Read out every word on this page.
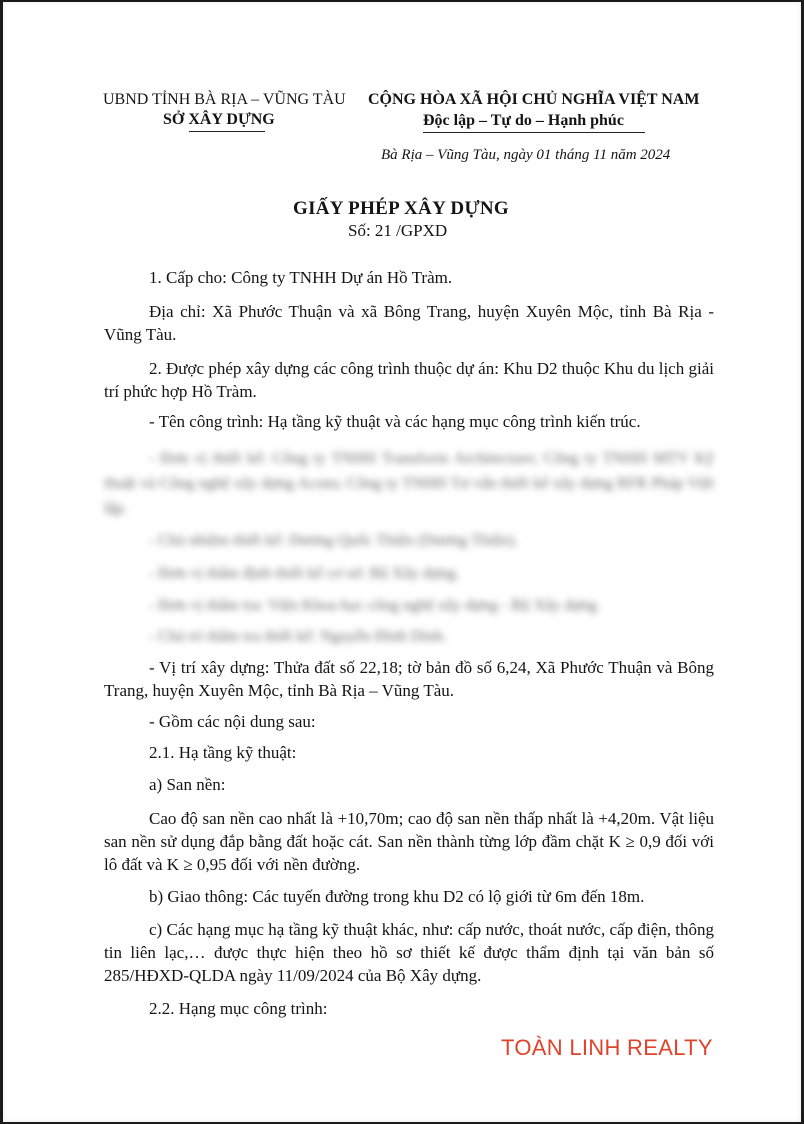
UBND TỈNH BÀ RỊA – VŨNG TÀU
SỞ XÂY DỰNG
CỘNG HÒA XÃ HỘI CHỦ NGHĨA VIỆT NAM
Độc lập – Tự do – Hạnh phúc
Bà Rịa – Vũng Tàu, ngày 01 tháng 11 năm 2024
GIẤY PHÉP XÂY DỰNG
Số: 21 /GPXD
1. Cấp cho: Công ty TNHH Dự án Hồ Tràm.
Địa chỉ: Xã Phước Thuận và xã Bông Trang, huyện Xuyên Mộc, tỉnh Bà Rịa - Vũng Tàu.
2. Được phép xây dựng các công trình thuộc dự án: Khu D2 thuộc Khu du lịch giải trí phức hợp Hồ Tràm.
- Tên công trình: Hạ tầng kỹ thuật và các hạng mục công trình kiến trúc.
- Đơn vị thiết kế: Công ty TNHH Transform Architecture; Công ty TNHH MTV Kỹ thuật và Công nghệ xây dựng Acons; Công ty TNHH Tư vấn thiết kế xây dựng RFR Pháp Việt lập.
- Chủ nhiệm thiết kế: Dương Quốc Thiện (Dương Thiện).
- Đơn vị thẩm định thiết kế cơ sở: Bộ Xây dựng.
- Đơn vị thẩm tra: Viện Khoa học công nghệ xây dựng - Bộ Xây dựng
- Chủ trì thẩm tra thiết kế: Nguyễn Đình Dinh.
- Vị trí xây dựng: Thửa đất số 22,18; tờ bản đồ số 6,24, Xã Phước Thuận và Bông Trang, huyện Xuyên Mộc, tỉnh Bà Rịa – Vũng Tàu.
- Gồm các nội dung sau:
2.1. Hạ tầng kỹ thuật:
a) San nền:
Cao độ san nền cao nhất là +10,70m; cao độ san nền thấp nhất là +4,20m. Vật liệu san nền sử dụng đắp bằng đất hoặc cát. San nền thành từng lớp đầm chặt K ≥ 0,9 đối với lô đất và K ≥ 0,95 đối với nền đường.
b) Giao thông: Các tuyến đường trong khu D2 có lộ giới từ 6m đến 18m.
c) Các hạng mục hạ tầng kỹ thuật khác, như: cấp nước, thoát nước, cấp điện, thông tin liên lạc,… được thực hiện theo hồ sơ thiết kế được thẩm định tại văn bản số 285/HĐXD-QLDA ngày 11/09/2024 của Bộ Xây dựng.
2.2. Hạng mục công trình:
TOÀN LINH REALTY
